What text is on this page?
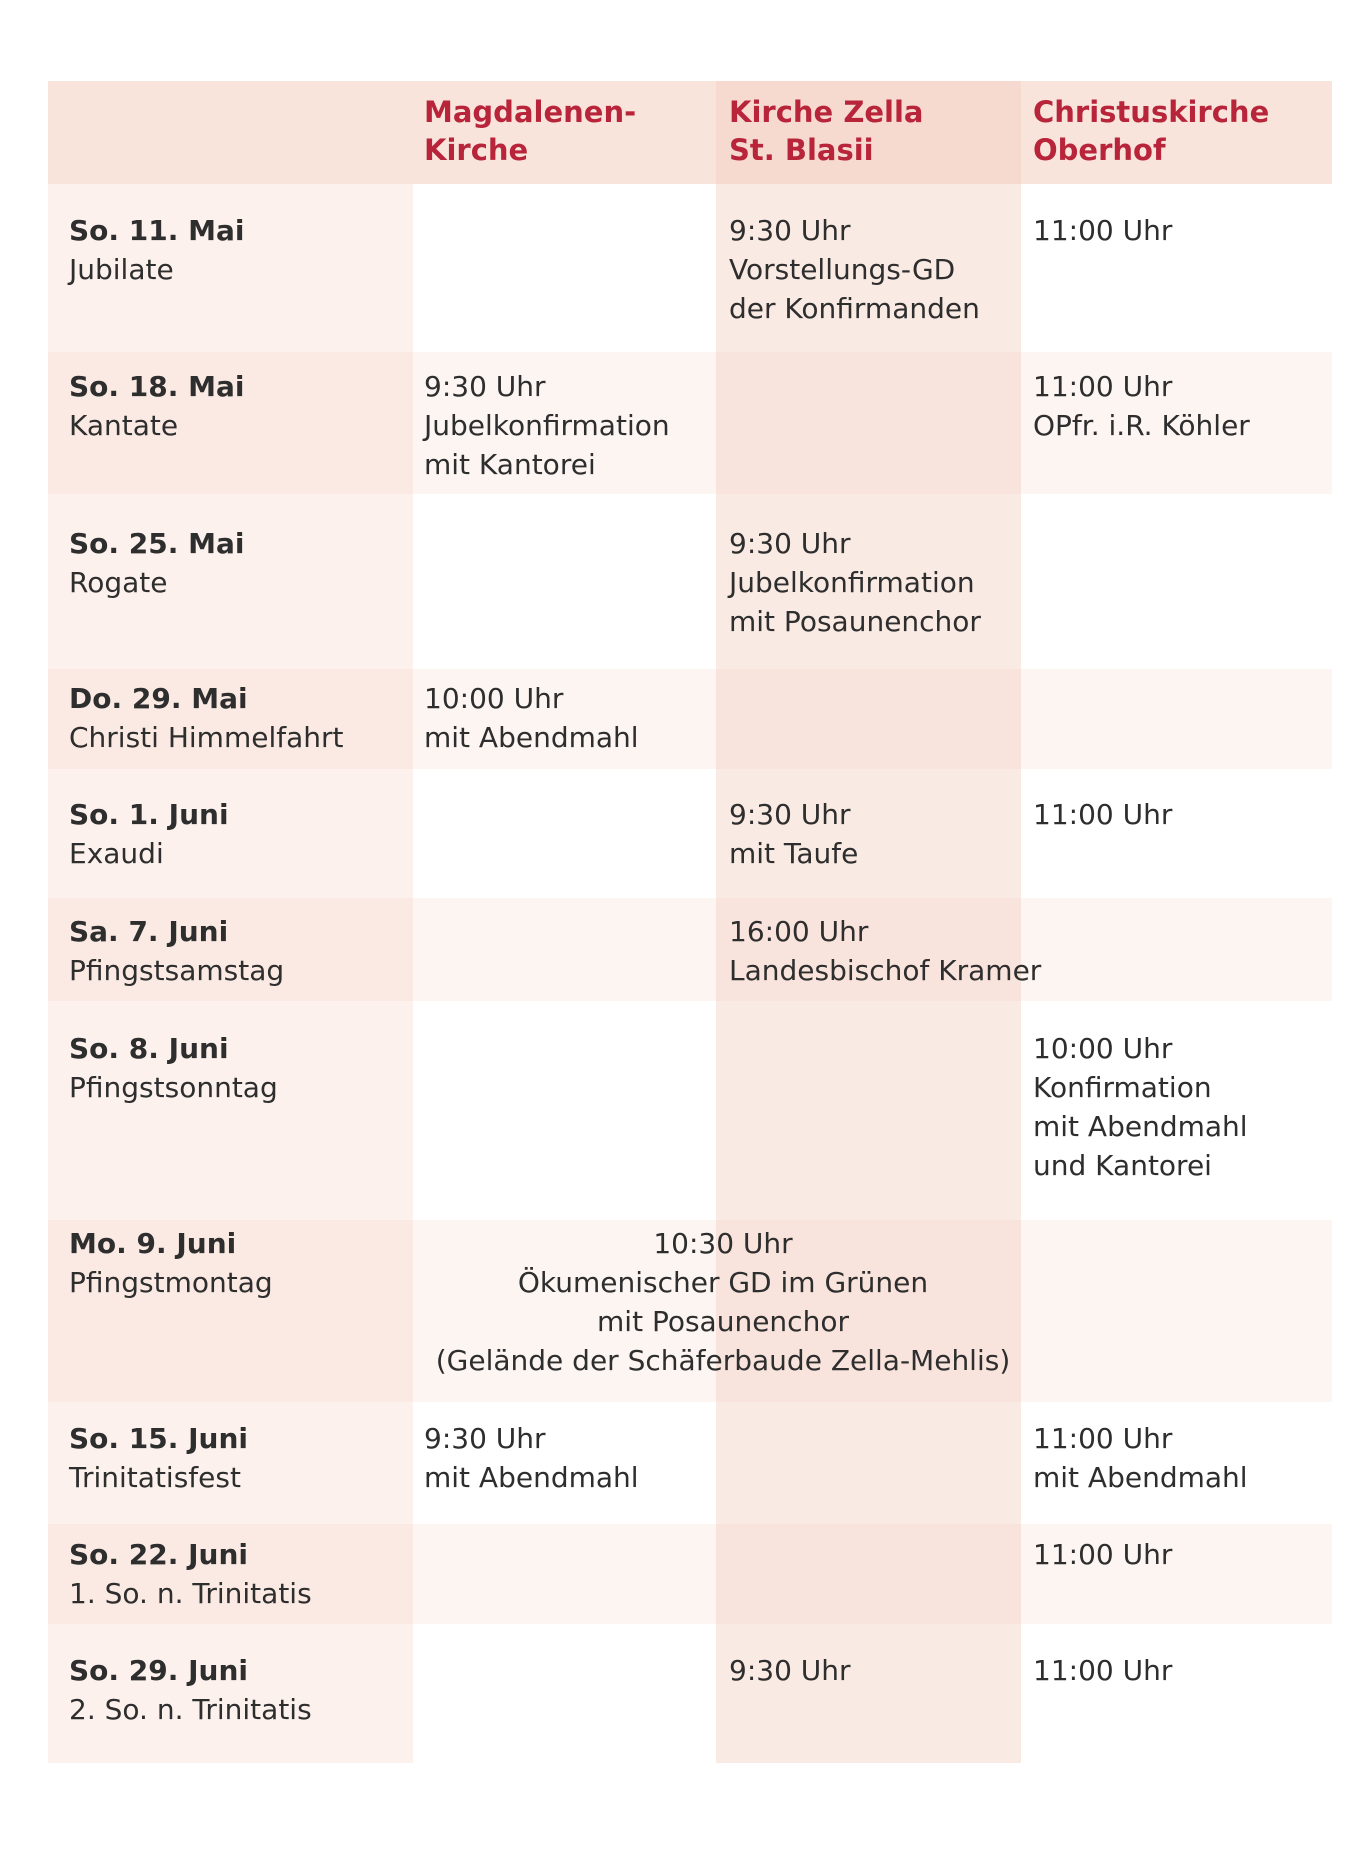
Magdalenen-
Kirche
Kirche Zella
St. Blasii
Christuskirche
Oberhof
So. 11. Mai
Jubilate
9:30 Uhr
Vorstellungs-GD
der Konfirmanden
11:00 Uhr
So. 18. Mai
Kantate
9:30 Uhr
Jubelkonfirmation
mit Kantorei
11:00 Uhr
OPfr. i.R. Köhler
So. 25. Mai
Rogate
9:30 Uhr
Jubelkonfirmation
mit Posaunenchor
Do. 29. Mai
Christi Himmelfahrt
10:00 Uhr
mit Abendmahl
So. 1. Juni
Exaudi
9:30 Uhr
mit Taufe
11:00 Uhr
Sa. 7. Juni
Pfingstsamstag
16:00 Uhr
Landesbischof Kramer
So. 8. Juni
Pfingstsonntag
10:00 Uhr
Konfirmation
mit Abendmahl
und Kantorei
Mo. 9. Juni
Pfingstmontag
10:30 Uhr
Ökumenischer GD im Grünen
mit Posaunenchor
(Gelände der Schäferbaude Zella-Mehlis)
So. 15. Juni
Trinitatisfest
9:30 Uhr
mit Abendmahl
11:00 Uhr
mit Abendmahl
So. 22. Juni
1. So. n. Trinitatis
11:00 Uhr
So. 29. Juni
2. So. n. Trinitatis
9:30 Uhr	11:00 Uhr
